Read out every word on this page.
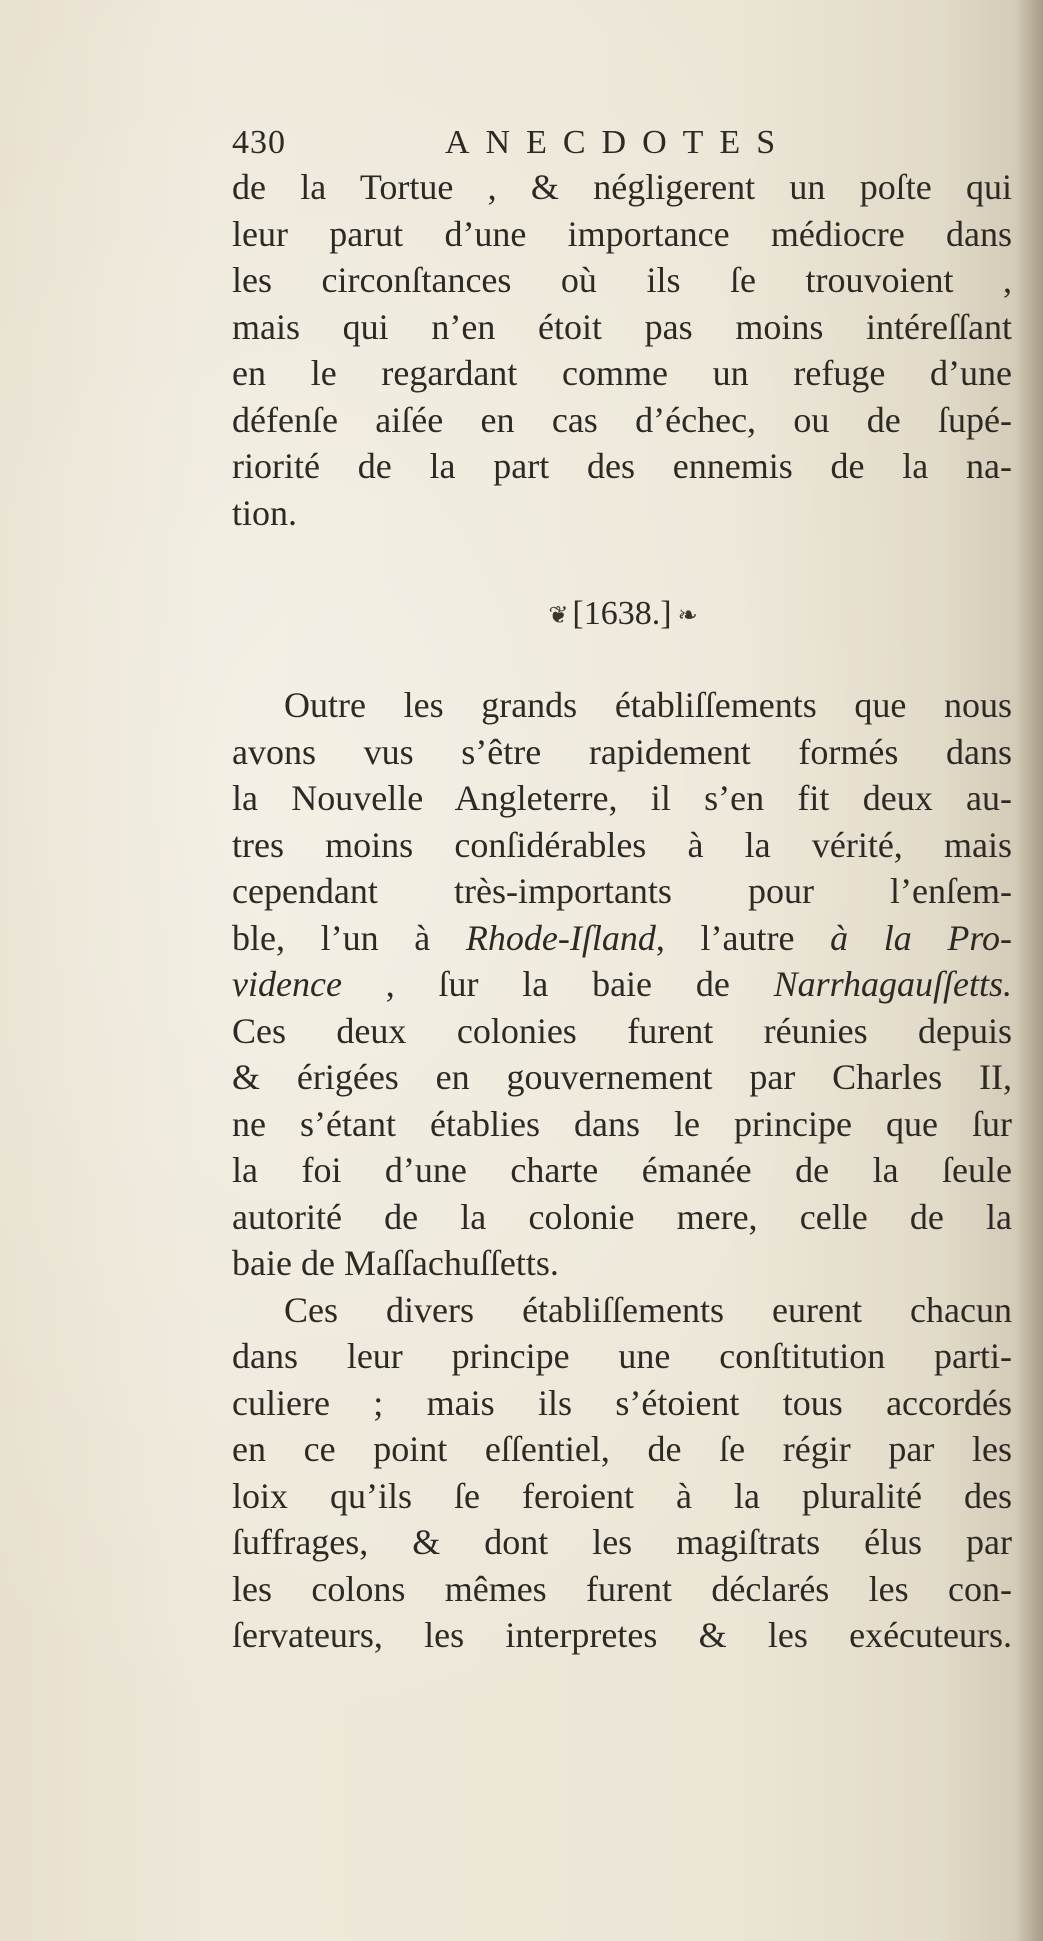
430	ANECDOTES
de la Tortue , & négligerent un poſte qui
leur parut d’une importance médiocre dans
les circonſtances où ils ſe trouvoient ,
mais qui n’en étoit pas moins intéreſſant
en le regardant comme un refuge d’une
défenſe aiſée en cas d’échec, ou de ſupé-
riorité de la part des ennemis de la na-
tion.
❦ [1638.] ❧
Outre les grands établiſſements que nous
avons vus s’être rapidement formés dans
la Nouvelle Angleterre, il s’en fit deux au-
tres moins conſidérables à la vérité, mais
cependant très-importants pour l’enſem-
ble, l’un à Rhode-Iſland, l’autre à la Pro-
vidence , ſur la baie de Narrhagauſſetts.
Ces deux colonies furent réunies depuis
& érigées en gouvernement par Charles II,
ne s’étant établies dans le principe que ſur
la foi d’une charte émanée de la ſeule
autorité de la colonie mere, celle de la
baie de Maſſachuſſetts.
Ces divers établiſſements eurent chacun
dans leur principe une conſtitution parti-
culiere ; mais ils s’étoient tous accordés
en ce point eſſentiel, de ſe régir par les
loix qu’ils ſe feroient à la pluralité des
ſuffrages, & dont les magiſtrats élus par
les colons mêmes furent déclarés les con-
ſervateurs, les interpretes & les exécuteurs.
